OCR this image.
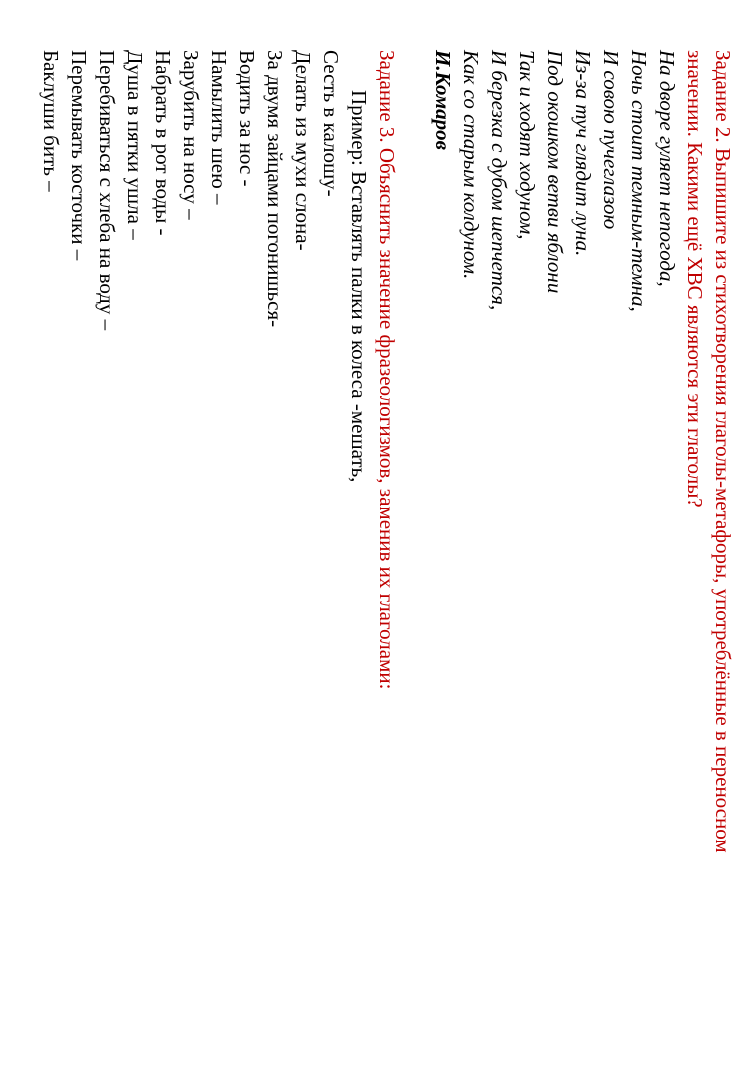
Задание 2. Выпишите из стихотворения глаголы-метафоры, употреблённые в переносном
значении. Какими ещё ХВС являются эти глаголы?
На дворе гуляет непогода,
Ночь стоит темным-темна,
И совою пучеглазою
Из-за туч глядит луна.
Под окошком ветви яблони
Так и ходят ходуном,
И березка с дубом шепчется,
Как со старым колдуном.
И.Комаров
Задание 3. Объяснить значение фразеологизмов, заменив их глаголами:
Пример: Вставлять палки в колеса -мешать,
Сесть в калошу-
Делать из мухи слона-
За двумя зайцами погонишься-
Водить за нос -
Намылить шею –
Зарубить на носу –
Набрать в рот воды -
Душа в пятки ушла –
Перебиваться с хлеба на воду –
Перемывать косточки –
Баклуши бить –
